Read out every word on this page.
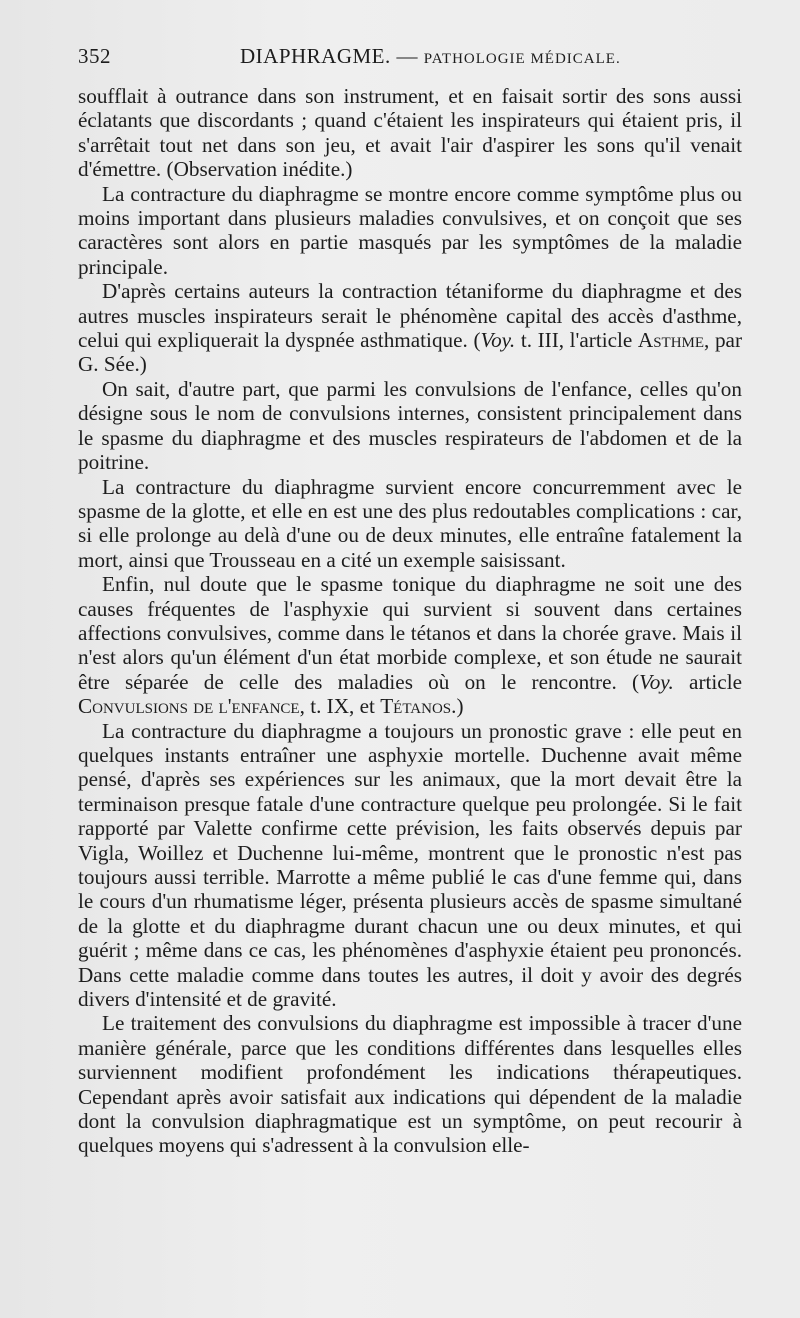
352	DIAPHRAGME. — PATHOLOGIE MÉDICALE.

soufflait à outrance dans son instrument, et en faisait sortir des sons aussi éclatants que discordants ; quand c'étaient les inspirateurs qui étaient pris, il s'arrêtait tout net dans son jeu, et avait l'air d'aspirer les sons qu'il venait d'émettre. (Observation inédite.)

La contracture du diaphragme se montre encore comme symptôme plus ou moins important dans plusieurs maladies convulsives, et on conçoit que ses caractères sont alors en partie masqués par les symptômes de la maladie principale.

D'après certains auteurs la contraction tétaniforme du diaphragme et des autres muscles inspirateurs serait le phénomène capital des accès d'asthme, celui qui expliquerait la dyspnée asthmatique. (Voy. t. III, l'article Asthme, par G. Sée.)

On sait, d'autre part, que parmi les convulsions de l'enfance, celles qu'on désigne sous le nom de convulsions internes, consistent principalement dans le spasme du diaphragme et des muscles respirateurs de l'abdomen et de la poitrine.

La contracture du diaphragme survient encore concurremment avec le spasme de la glotte, et elle en est une des plus redoutables complications : car, si elle prolonge au delà d'une ou de deux minutes, elle entraîne fatalement la mort, ainsi que Trousseau en a cité un exemple saisissant.

Enfin, nul doute que le spasme tonique du diaphragme ne soit une des causes fréquentes de l'asphyxie qui survient si souvent dans certaines affections convulsives, comme dans le tétanos et dans la chorée grave. Mais il n'est alors qu'un élément d'un état morbide complexe, et son étude ne saurait être séparée de celle des maladies où on le rencontre. (Voy. article Convulsions de l'enfance, t. IX, et Tétanos.)

La contracture du diaphragme a toujours un pronostic grave : elle peut en quelques instants entraîner une asphyxie mortelle. Duchenne avait même pensé, d'après ses expériences sur les animaux, que la mort devait être la terminaison presque fatale d'une contracture quelque peu prolongée. Si le fait rapporté par Valette confirme cette prévision, les faits observés depuis par Vigla, Woillez et Duchenne lui-même, montrent que le pronostic n'est pas toujours aussi terrible. Marrotte a même publié le cas d'une femme qui, dans le cours d'un rhumatisme léger, présenta plusieurs accès de spasme simultané de la glotte et du diaphragme durant chacun une ou deux minutes, et qui guérit ; même dans ce cas, les phénomènes d'asphyxie étaient peu prononcés. Dans cette maladie comme dans toutes les autres, il doit y avoir des degrés divers d'intensité et de gravité.

Le traitement des convulsions du diaphragme est impossible à tracer d'une manière générale, parce que les conditions différentes dans lesquelles elles surviennent modifient profondément les indications thérapeutiques. Cependant après avoir satisfait aux indications qui dépendent de la maladie dont la convulsion diaphragmatique est un symptôme, on peut recourir à quelques moyens qui s'adressent à la convulsion elle-
